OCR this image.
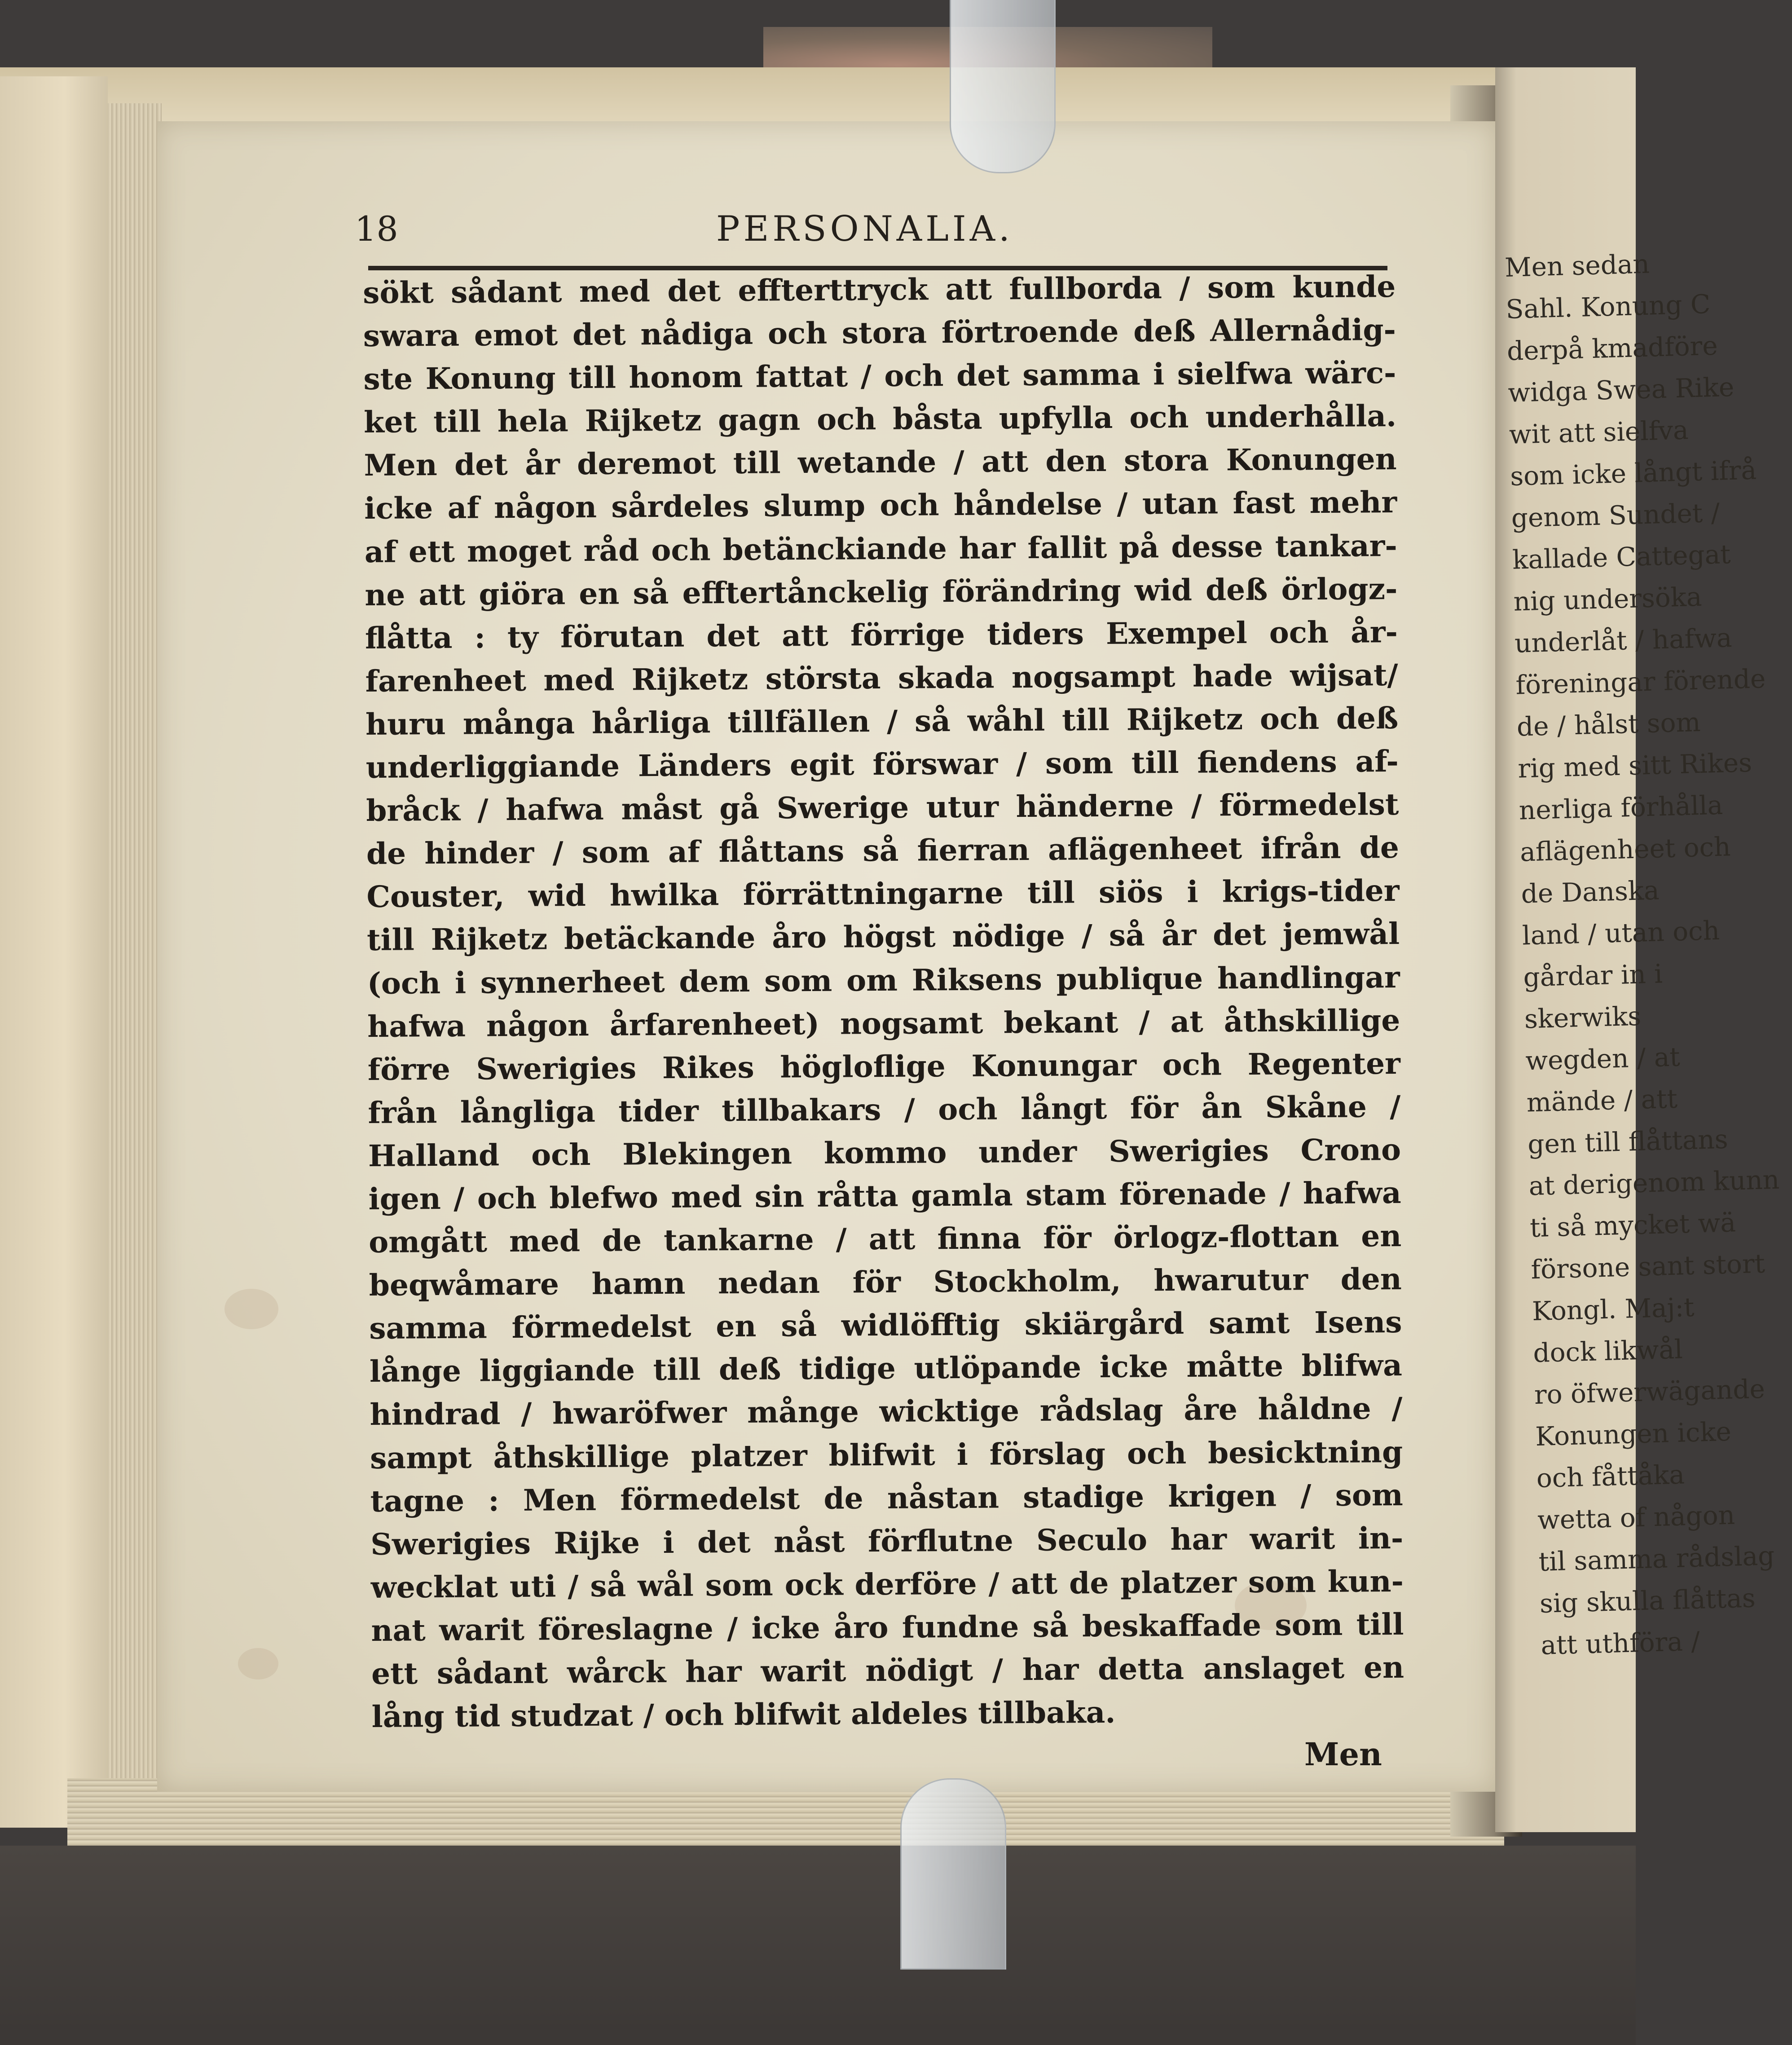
Men sedan
Sahl. Konung C
derpå kmadföre
widga Swea Rike
wit att sielfva
som icke långt ifrå
genom Sundet /
kallade Cattegat
nig undersöka
underlåt / hafwa
föreningar förende
de / hålst som
rig med sitt Rikes
nerliga förhålla
aflägenheet och
de Danska
land / utan och
gårdar in i
skerwiks
wegden / at
mände / att
gen till flåttans
at derigenom kunn
ti så mycket wä
försone sant stort
Kongl. Maj:t
dock likwål
ro öfwerwägande
Konungen icke
och fåttåka
wetta of någon
til samma rådslag
sig skulla flåttas
att uthföra /
18	PERSONALIA.
sökt sådant med det effterttryck att fullborda / som kunde
swara emot det nådiga och stora förtroende deß Allernådig-
ste Konung till honom fattat / och det samma i sielfwa wärc-
ket till hela Rijketz gagn och båsta upfylla och underhålla.
Men det år deremot till wetande / att den stora Konungen
icke af någon sårdeles slump och håndelse / utan fast mehr
af ett moget råd och betänckiande har fallit på desse tankar-
ne att giöra en så efftertånckelig förändring wid deß örlogz-
flåtta : ty förutan det att förrige tiders Exempel och år-
farenheet med Rijketz största skada nogsampt hade wijsat/
huru många hårliga tillfällen / så wåhl till Rijketz och deß
underliggiande Länders egit förswar / som till fiendens af-
bråck / hafwa måst gå Swerige utur händerne / förmedelst
de hinder / som af flåttans så fierran aflägenheet ifrån de
Couster, wid hwilka förrättningarne till siös i krigs-tider
till Rijketz betäckande åro högst nödige / så år det jemwål
(och i synnerheet dem som om Riksens publique handlingar
hafwa någon årfarenheet) nogsamt bekant / at åthskillige
förre Swerigies Rikes högloflige Konungar och Regenter
från långliga tider tillbakars / och långt för ån Skåne /
Halland och Blekingen kommo under Swerigies Crono
igen / och blefwo med sin råtta gamla stam förenade / hafwa
omgått med de tankarne / att finna för örlogz-flottan en
beqwåmare hamn nedan för Stockholm, hwarutur den
samma förmedelst en så widlöfftig skiärgård samt Isens
långe liggiande till deß tidige utlöpande icke måtte blifwa
hindrad / hwaröfwer månge wicktige rådslag åre håldne /
sampt åthskillige platzer blifwit i förslag och besicktning
tagne : Men förmedelst de nåstan stadige krigen / som
Swerigies Rijke i det nåst förflutne Seculo har warit in-
wecklat uti / så wål som ock derföre / att de platzer som kun-
nat warit föreslagne / icke åro fundne så beskaffade som till
ett sådant wårck har warit nödigt / har detta anslaget en
lång tid studzat / och blifwit aldeles tillbaka.
Men
